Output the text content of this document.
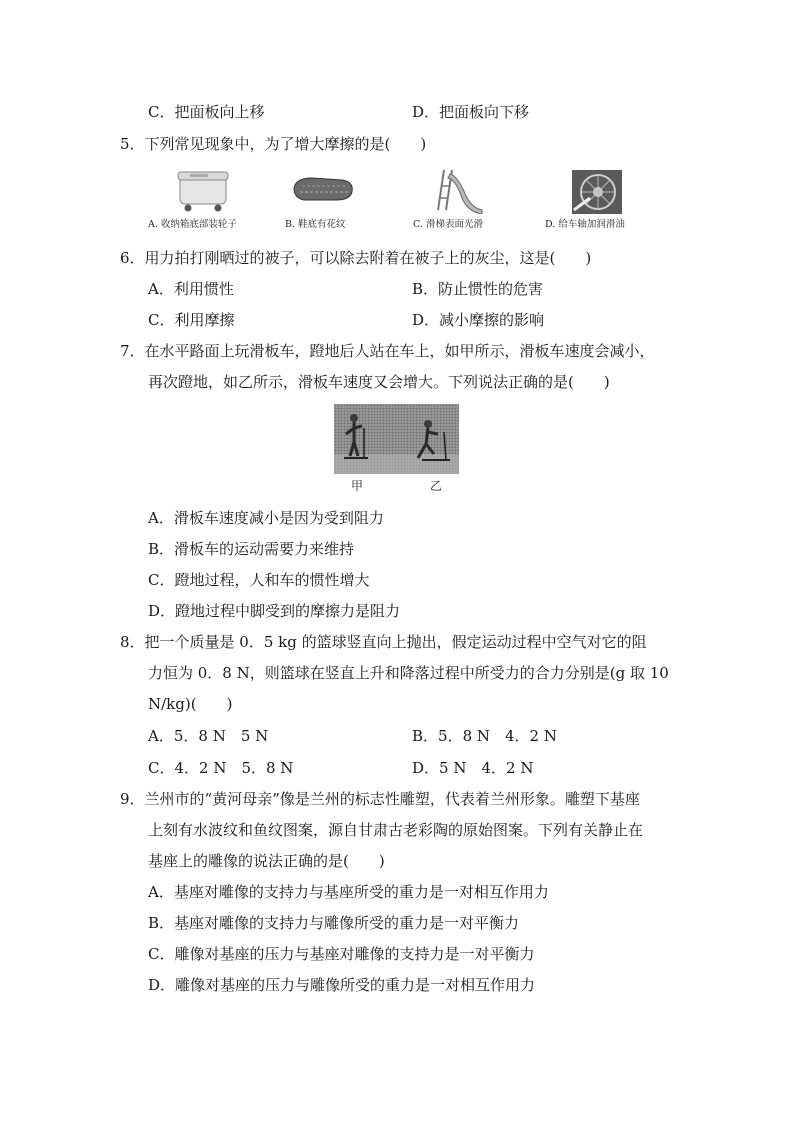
C．把面板向上移	D．把面板向下移
5．下列常见现象中，为了增大摩擦的是(　　)
A. 收纳箱底部装轮子	B. 鞋底有花纹	C. 滑梯表面光滑	D. 给车轴加润滑油
6．用力拍打刚晒过的被子，可以除去附着在被子上的灰尘，这是(　　)
A．利用惯性	B．防止惯性的危害
C．利用摩擦	D．减小摩擦的影响
7．在水平路面上玩滑板车，蹬地后人站在车上，如甲所示，滑板车速度会减小，
再次蹬地，如乙所示，滑板车速度又会增大。下列说法正确的是(　　)
甲	乙
A．滑板车速度减小是因为受到阻力
B．滑板车的运动需要力来维持
C．蹬地过程，人和车的惯性增大
D．蹬地过程中脚受到的摩擦力是阻力
8．把一个质量是 0．5 kg 的篮球竖直向上抛出，假定运动过程中空气对它的阻
力恒为 0．8 N，则篮球在竖直上升和降落过程中所受力的合力分别是(g 取 10
N/kg)(　　)
A．5．8 N　5 N	B．5．8 N　4．2 N
C．4．2 N　5．8 N	D．5 N　4．2 N
9．兰州市的“黄河母亲”像是兰州的标志性雕塑，代表着兰州形象。雕塑下基座
上刻有水波纹和鱼纹图案，源自甘肃古老彩陶的原始图案。下列有关静止在
基座上的雕像的说法正确的是(　　)
A．基座对雕像的支持力与基座所受的重力是一对相互作用力
B．基座对雕像的支持力与雕像所受的重力是一对平衡力
C．雕像对基座的压力与基座对雕像的支持力是一对平衡力
D．雕像对基座的压力与雕像所受的重力是一对相互作用力
